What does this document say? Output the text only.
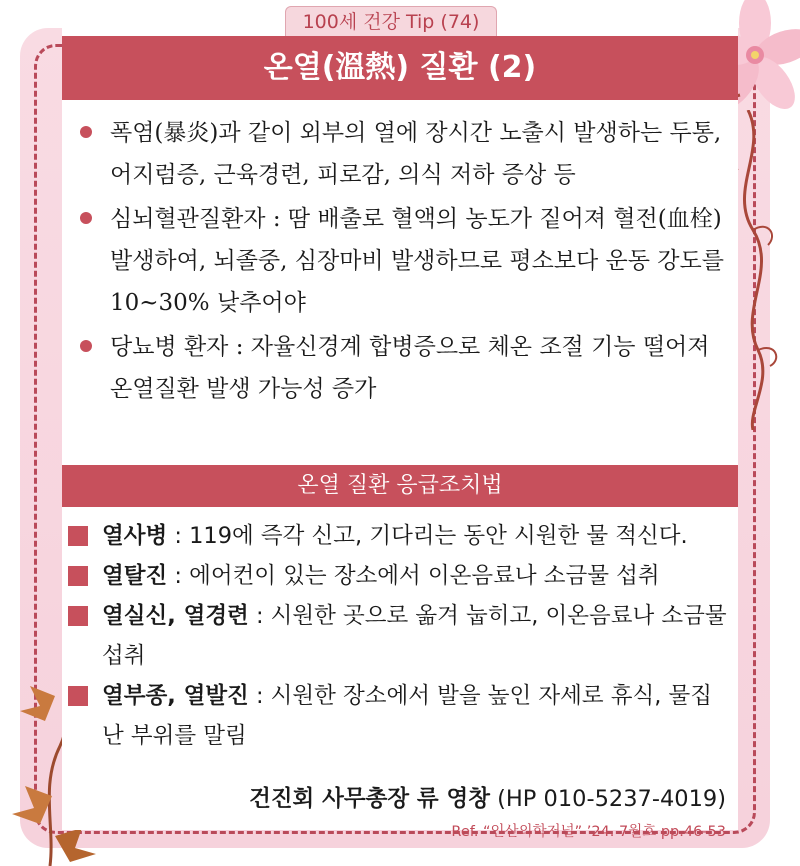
100세 건강 Tip (74)
온열(溫熱) 질환 (2)
폭염(暴炎)과 같이 외부의 열에 장시간 노출시 발생하는 두통, 어지럼증, 근육경련, 피로감, 의식 저하 증상 등
심뇌혈관질환자 : 땀 배출로 혈액의 농도가 짙어져 혈전(血栓) 발생하여, 뇌졸중, 심장마비 발생하므로 평소보다 운동 강도를 10~30% 낮추어야
당뇨병 환자 : 자율신경계 합병증으로 체온 조절 기능 떨어져 온열질환 발생 가능성 증가
온열 질환 응급조치법
열사병 : 119에 즉각 신고, 기다리는 동안 시원한 물 적신다.
열탈진 : 에어컨이 있는 장소에서 이온음료나 소금물 섭취
열실신, 열경련 : 시원한 곳으로 옮겨 눕히고, 이온음료나 소금물 섭취
열부종, 열발진 : 시원한 장소에서 발을 높인 자세로 휴식, 물집 난 부위를 말림
건진회 사무총장 류 영창 (HP 010-5237-4019)
Ref. “인산의학저널” ’24. 7월호 pp.46-53
